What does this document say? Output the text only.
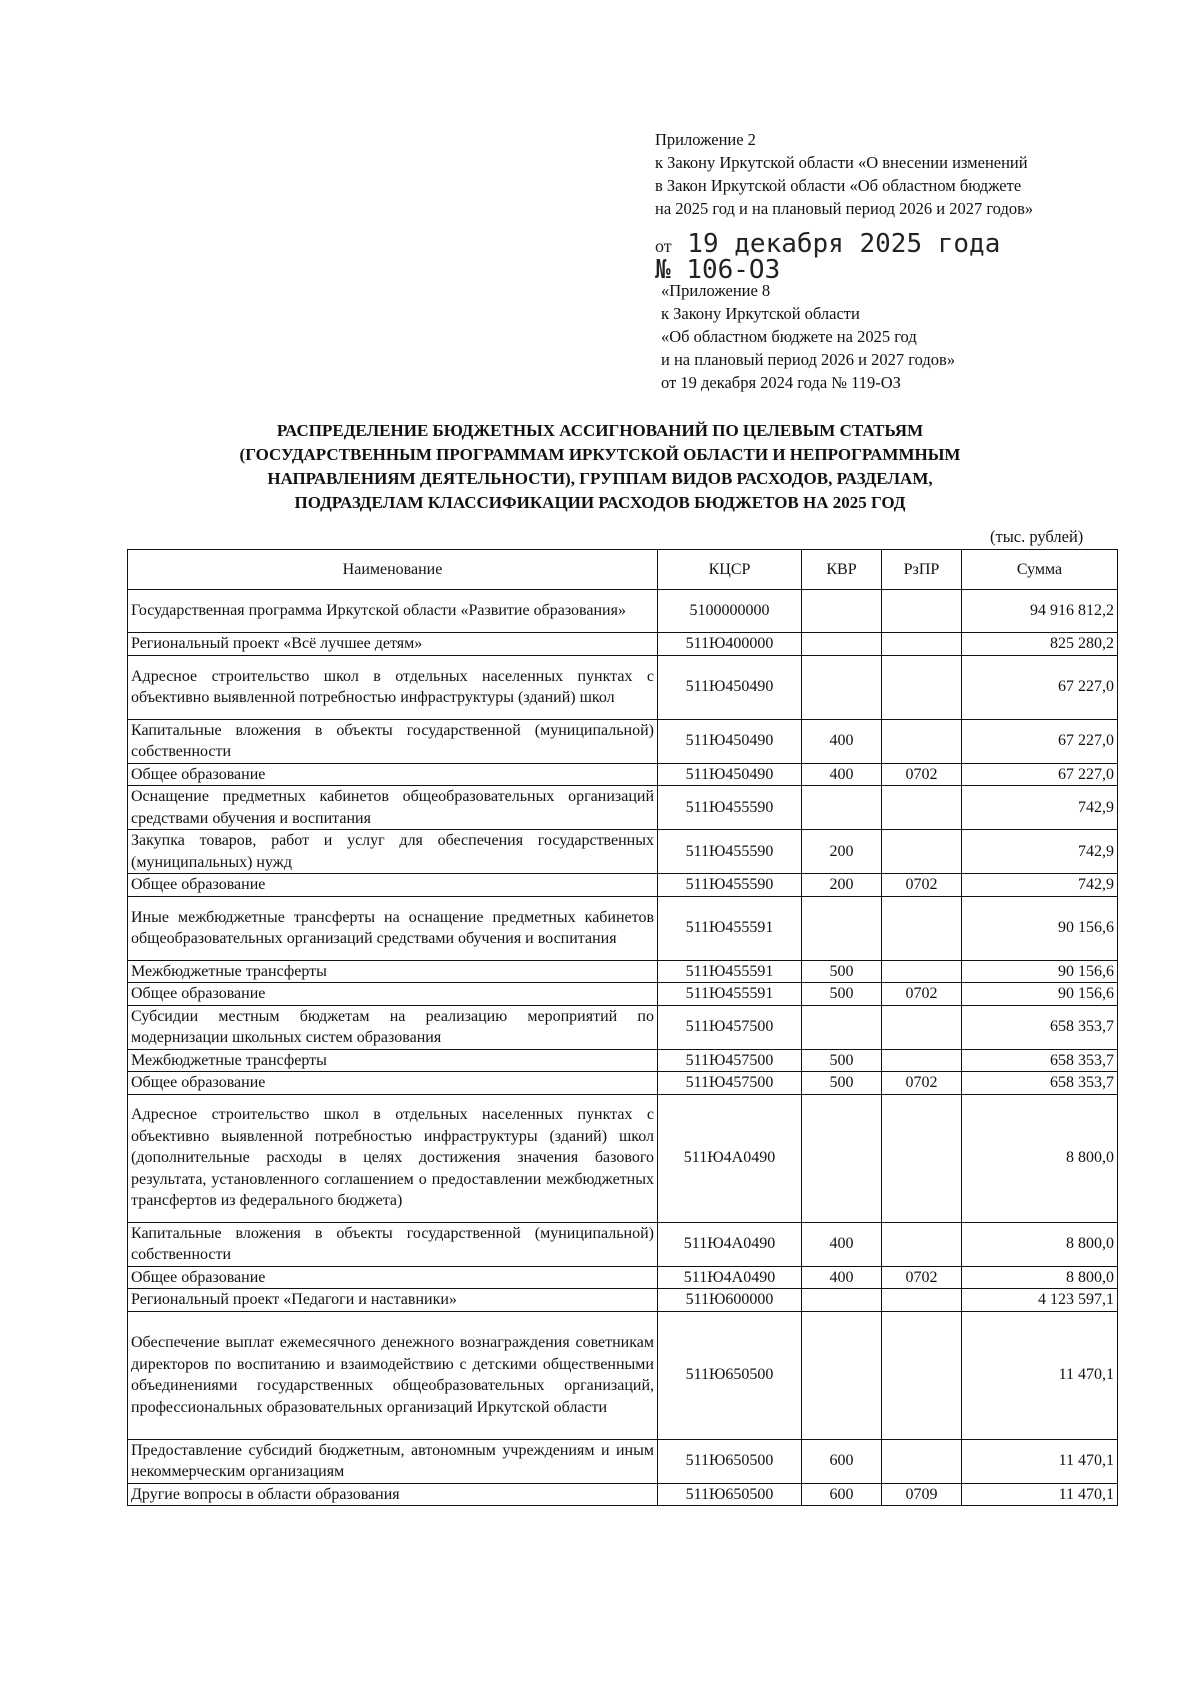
Приложение 2
к Закону Иркутской области «О внесении изменений
в Закон Иркутской области «Об областном бюджете
на 2025 год и на плановый период 2026 и 2027 годов»
от 19 декабря 2025 года
№ 106-ОЗ
«Приложение 8
к Закону Иркутской области
«Об областном бюджете на 2025 год
и на плановый период 2026 и 2027 годов»
от 19 декабря 2024 года № 119-ОЗ
РАСПРЕДЕЛЕНИЕ БЮДЖЕТНЫХ АССИГНОВАНИЙ ПО ЦЕЛЕВЫМ СТАТЬЯМ
(ГОСУДАРСТВЕННЫМ ПРОГРАММАМ ИРКУТСКОЙ ОБЛАСТИ И НЕПРОГРАММНЫМ
НАПРАВЛЕНИЯМ ДЕЯТЕЛЬНОСТИ), ГРУППАМ ВИДОВ РАСХОДОВ, РАЗДЕЛАМ,
ПОДРАЗДЕЛАМ КЛАССИФИКАЦИИ РАСХОДОВ БЮДЖЕТОВ НА 2025 ГОД
(тыс. рублей)
Наименование	КЦСР	КВР	РзПР	Сумма
Государственная программа Иркутской области «Развитие образования»	5100000000			94 916 812,2
Региональный проект «Всё лучшее детям»	511Ю400000			825 280,2
Адресное строительство школ в отдельных населенных пунктах с объективно выявленной потребностью инфраструктуры (зданий) школ	511Ю450490			67 227,0
Капитальные вложения в объекты государственной (муниципальной) собственности	511Ю450490	400		67 227,0
Общее образование	511Ю450490	400	0702	67 227,0
Оснащение предметных кабинетов общеобразовательных организаций средствами обучения и воспитания	511Ю455590			742,9
Закупка товаров, работ и услуг для обеспечения государственных (муниципальных) нужд	511Ю455590	200		742,9
Общее образование	511Ю455590	200	0702	742,9
Иные межбюджетные трансферты на оснащение предметных кабинетов общеобразовательных организаций средствами обучения и воспитания	511Ю455591			90 156,6
Межбюджетные трансферты	511Ю455591	500		90 156,6
Общее образование	511Ю455591	500	0702	90 156,6
Субсидии местным бюджетам на реализацию мероприятий по модернизации школьных систем образования	511Ю457500			658 353,7
Межбюджетные трансферты	511Ю457500	500		658 353,7
Общее образование	511Ю457500	500	0702	658 353,7
Адресное строительство школ в отдельных населенных пунктах с объективно выявленной потребностью инфраструктуры (зданий) школ (дополнительные расходы в целях достижения значения базового результата, установленного соглашением о предоставлении межбюджетных трансфертов из федерального бюджета)	511Ю4А0490			8 800,0
Капитальные вложения в объекты государственной (муниципальной) собственности	511Ю4А0490	400		8 800,0
Общее образование	511Ю4А0490	400	0702	8 800,0
Региональный проект «Педагоги и наставники»	511Ю600000			4 123 597,1
Обеспечение выплат ежемесячного денежного вознаграждения советникам директоров по воспитанию и взаимодействию с детскими общественными объединениями государственных общеобразовательных организаций, профессиональных образовательных организаций Иркутской области	511Ю650500			11 470,1
Предоставление субсидий бюджетным, автономным учреждениям и иным некоммерческим организациям	511Ю650500	600		11 470,1
Другие вопросы в области образования	511Ю650500	600	0709	11 470,1
